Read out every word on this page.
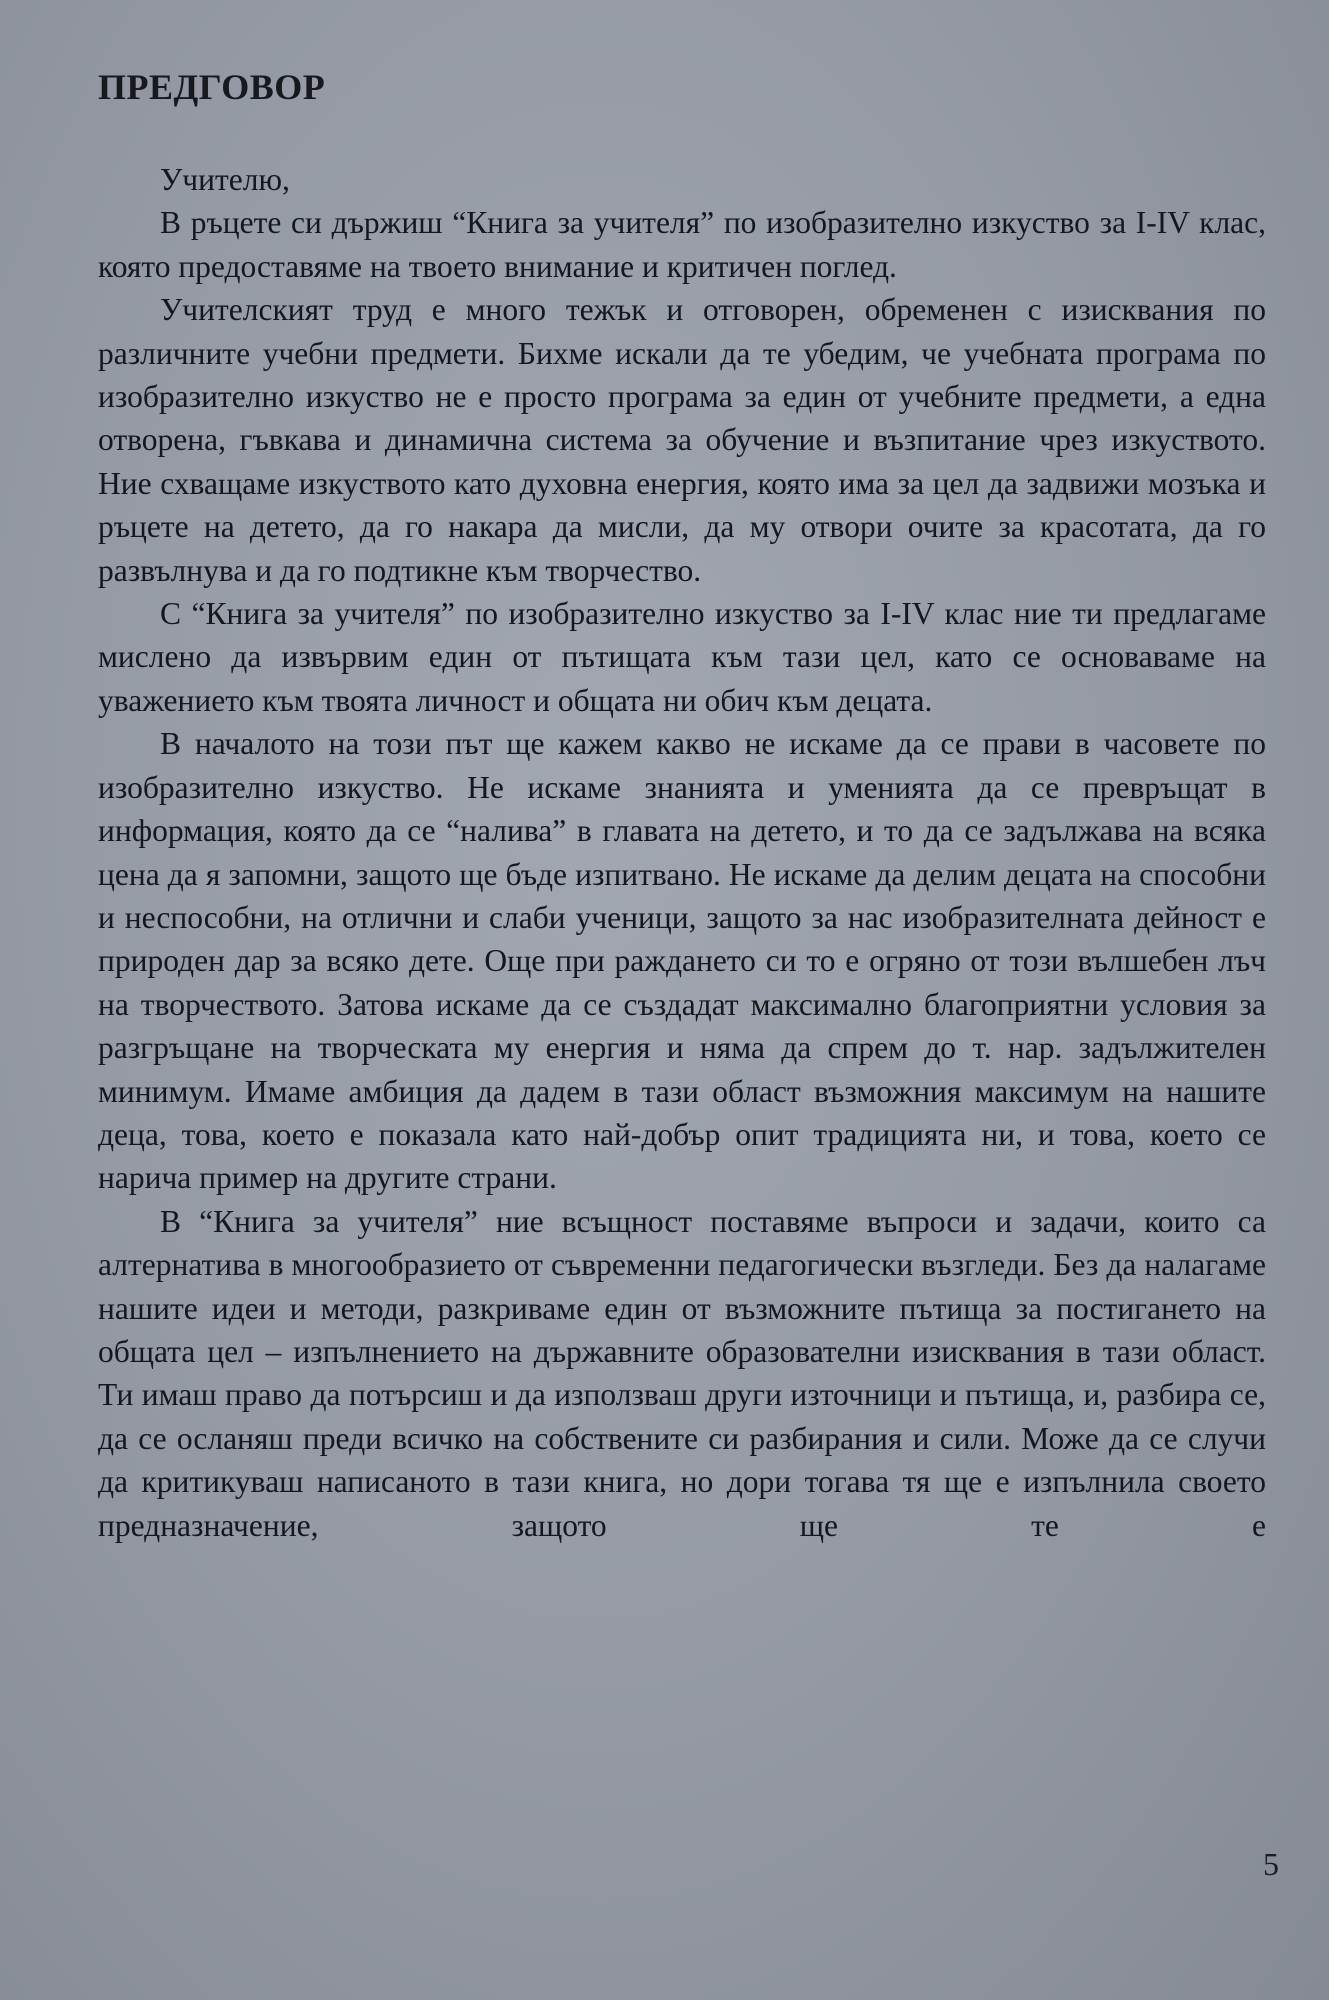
ПРЕДГОВОР

Учителю,

В ръцете си държиш “Книга за учителя” по изобразително изкуство за I-IV клас, която предоставяме на твоето внимание и критичен поглед.

Учителският труд е много тежък и отговорен, обременен с изисквания по различните учебни предмети. Бихме искали да те убедим, че учебната програма по изобразително изкуство не е просто програма за един от учебните предмети, а една отворена, гъвкава и динамична система за обучение и възпитание чрез изкуството. Ние схващаме изкуството като духовна енергия, която има за цел да задвижи мозъка и ръцете на детето, да го накара да мисли, да му отвори очите за красотата, да го развълнува и да го подтикне към творчество.

С “Книга за учителя” по изобразително изкуство за I-IV клас ние ти предлагаме мислено да извървим един от пътищата към тази цел, като се основаваме на уважението към твоята личност и общата ни обич към децата.

В началото на този път ще кажем какво не искаме да се прави в часовете по изобразително изкуство. Не искаме знанията и уменията да се превръщат в информация, която да се “налива” в главата на детето, и то да се задължава на всяка цена да я запомни, защото ще бъде изпитвано. Не искаме да делим децата на способни и неспособни, на отлични и слаби ученици, защото за нас изобразителната дейност е природен дар за всяко дете. Още при раждането си то е огряно от този вълшебен лъч на творчеството. Затова искаме да се създадат максимално благоприятни условия за разгръщане на творческата му енергия и няма да спрем до т. нар. задължителен минимум. Имаме амбиция да дадем в тази област възможния максимум на нашите деца, това, което е показала като най-добър опит традицията ни, и това, което се нарича пример на другите страни.

В “Книга за учителя” ние всъщност поставяме въпроси и задачи, които са алтернатива в многообразието от съвременни педагогически възгледи. Без да налагаме нашите идеи и методи, разкриваме един от възможните пътища за постигането на общата цел – изпълнението на държавните образователни изисквания в тази област. Ти имаш право да потърсиш и да използваш други източници и пътища, и, разбира се, да се осланяш преди всичко на собствените си разбирания и сили. Може да се случи да критикуваш написаното в тази книга, но дори тогава тя ще е изпълнила своето предназначение, защото ще те е

5
